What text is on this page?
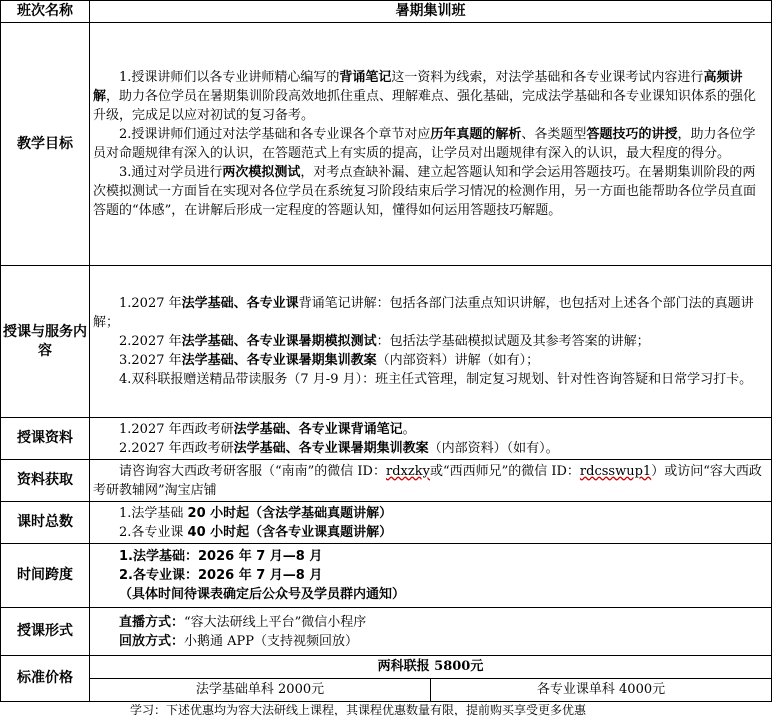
班次名称	暑期集训班
教学目标	1.授课讲师们以各专业讲师精心编写的背诵笔记这一资料为线索，对法学基础和各专业课考试内容进行高频讲解，助力各位学员在暑期集训阶段高效地抓住重点、理解难点、强化基础，完成法学基础和各专业课知识体系的强化升级，完成足以应对初试的复习备考。

2.授课讲师们通过对法学基础和各专业课各个章节对应历年真题的解析、各类题型答题技巧的讲授，助力各位学员对命题规律有深入的认识，在答题范式上有实质的提高，让学员对出题规律有深入的认识，最大程度的得分。

3.通过对学员进行两次模拟测试，对考点查缺补漏、建立起答题认知和学会运用答题技巧。在暑期集训阶段的两次模拟测试一方面旨在实现对各位学员在系统复习阶段结束后学习情况的检测作用，另一方面也能帮助各位学员直面答题的“体感”，在讲解后形成一定程度的答题认知，懂得如何运用答题技巧解题。

授课与服务内容	1.2027 年法学基础、各专业课背诵笔记讲解：包括各部门法重点知识讲解，也包括对上述各个部门法的真题讲解；

2.2027 年法学基础、各专业课暑期模拟测试：包括法学基础模拟试题及其参考答案的讲解；

3.2027 年法学基础、各专业课暑期集训教案（内部资料）讲解（如有）；

4.双科联报赠送精品带读服务（7 月-9 月）：班主任式管理，制定复习规划、针对性咨询答疑和日常学习打卡。

授课资料	1.2027 年西政考研法学基础、各专业课背诵笔记。

2.2027 年西政考研法学基础、各专业课暑期集训教案（内部资料）（如有）。

资料获取	请咨询容大西政考研客服（“南南”的微信 ID：rdxzky或“西西师兄”的微信 ID：rdcsswup1）或访问“容大西政考研教辅网”淘宝店铺

课时总数	1.法学基础 20 小时起（含法学基础真题讲解）

2.各专业课 40 小时起（含各专业课真题讲解）

时间跨度	1.法学基础：2026 年 7 月—8 月

2.各专业课：2026 年 7 月—8 月

（具体时间待课表确定后公众号及学员群内通知）

授课形式	直播方式：“容大法研线上平台”微信小程序

回放方式：小鹅通 APP（支持视频回放）

标准价格	两科联报 5800元
法学基础单科 2000元 各专业课单科 4000元
学习：下述优惠均为容大法研线上课程，其课程优惠数量有限，提前购买享受更多优惠
